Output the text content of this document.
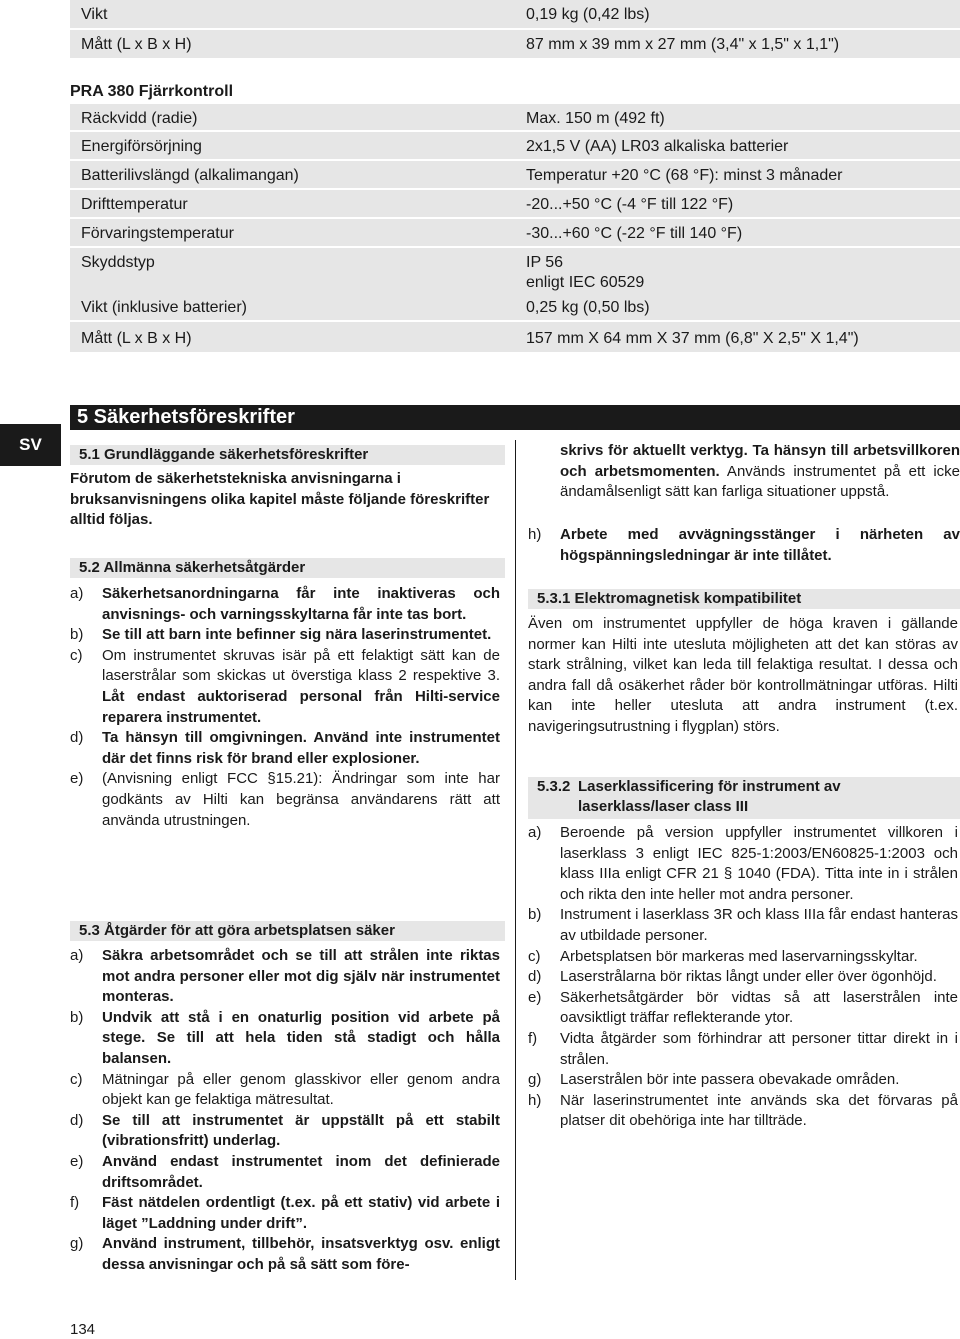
Vikt	0,19 kg (0,42 lbs)
Mått (L x B x H)	87 mm x 39 mm x 27 mm (3,4" x 1,5" x 1,1")
PRA 380 Fjärrkontroll
Räckvidd (radie)	Max. 150 m (492 ft)
Energiförsörjning	2x1,5 V (AA) LR03 alkaliska batterier
Batterilivslängd (alkalimangan)	Temperatur +20 °C (68 °F): minst 3 månader
Drifttemperatur	-20...+50 °C (-4 °F till 122 °F)
Förvaringstemperatur	-30...+60 °C (-22 °F till 140 °F)
Skyddstyp	IP 56
enligt IEC 60529
Vikt (inklusive batterier)	0,25 kg (0,50 lbs)
Mått (L x B x H)	157 mm X 64 mm X 37 mm (6,8" X 2,5" X 1,4")
SV
5 Säkerhetsföreskrifter
5.1 Grundläggande säkerhetsföreskrifter
Förutom de säkerhetstekniska anvisningarna i bruksanvisningens olika kapitel måste följande föreskrifter alltid följas.
5.2 Allmänna säkerhetsåtgärder
a) Säkerhetsanordningarna får inte inaktiveras och anvisnings- och varningsskyltarna får inte tas bort.
b) Se till att barn inte befinner sig nära laserinstrumentet.
c) Om instrumentet skruvas isär på ett felaktigt sätt kan de laserstrålar som skickas ut överstiga klass 2 respektive 3. Låt endast auktoriserad personal från Hilti-service reparera instrumentet.
d) Ta hänsyn till omgivningen. Använd inte instrumentet där det finns risk för brand eller explosioner.
e) (Anvisning enligt FCC §15.21): Ändringar som inte har godkänts av Hilti kan begränsa användarens rätt att använda utrustningen.
5.3 Åtgärder för att göra arbetsplatsen säker
a) Säkra arbetsområdet och se till att strålen inte riktas mot andra personer eller mot dig själv när instrumentet monteras.
b) Undvik att stå i en onaturlig position vid arbete på stege. Se till att hela tiden stå stadigt och hålla balansen.
c) Mätningar på eller genom glasskivor eller genom andra objekt kan ge felaktiga mätresultat.
d) Se till att instrumentet är uppställt på ett stabilt (vibrationsfritt) underlag.
e) Använd endast instrumentet inom det definierade driftsområdet.
f) Fäst nätdelen ordentligt (t.ex. på ett stativ) vid arbete i läget ”Laddning under drift”.
g) Använd instrument, tillbehör, insatsverktyg osv. enligt dessa anvisningar och på så sätt som före-
skrivs för aktuellt verktyg. Ta hänsyn till arbetsvillkoren och arbetsmomenten. Används instrumentet på ett icke ändamålsenligt sätt kan farliga situationer uppstå.
h) Arbete med avvägningsstänger i närheten av högspänningsledningar är inte tillåtet.
5.3.1 Elektromagnetisk kompatibilitet
Även om instrumentet uppfyller de höga kraven i gällande normer kan Hilti inte utesluta möjligheten att det kan störas av stark strålning, vilket kan leda till felaktiga resultat. I dessa och andra fall då osäkerhet råder bör kontrollmätningar utföras. Hilti kan inte heller utesluta att andra instrument (t.ex. navigeringsutrustning i flygplan) störs.
5.3.2 Laserklassificering för instrument av laserklass/laser class III
a) Beroende på version uppfyller instrumentet villkoren i laserklass 3 enligt IEC 825-1:2003/EN60825-1:2003 och klass IIIa enligt CFR 21 § 1040 (FDA). Titta inte in i strålen och rikta den inte heller mot andra personer.
b) Instrument i laserklass 3R och klass IIIa får endast hanteras av utbildade personer.
c) Arbetsplatsen bör markeras med laservarningsskyltar.
d) Laserstrålarna bör riktas långt under eller över ögonhöjd.
e) Säkerhetsåtgärder bör vidtas så att laserstrålen inte oavsiktligt träffar reflekterande ytor.
f) Vidta åtgärder som förhindrar att personer tittar direkt in i strålen.
g) Laserstrålen bör inte passera obevakade områden.
h) När laserinstrumentet inte används ska det förvaras på platser dit obehöriga inte har tillträde.
134
